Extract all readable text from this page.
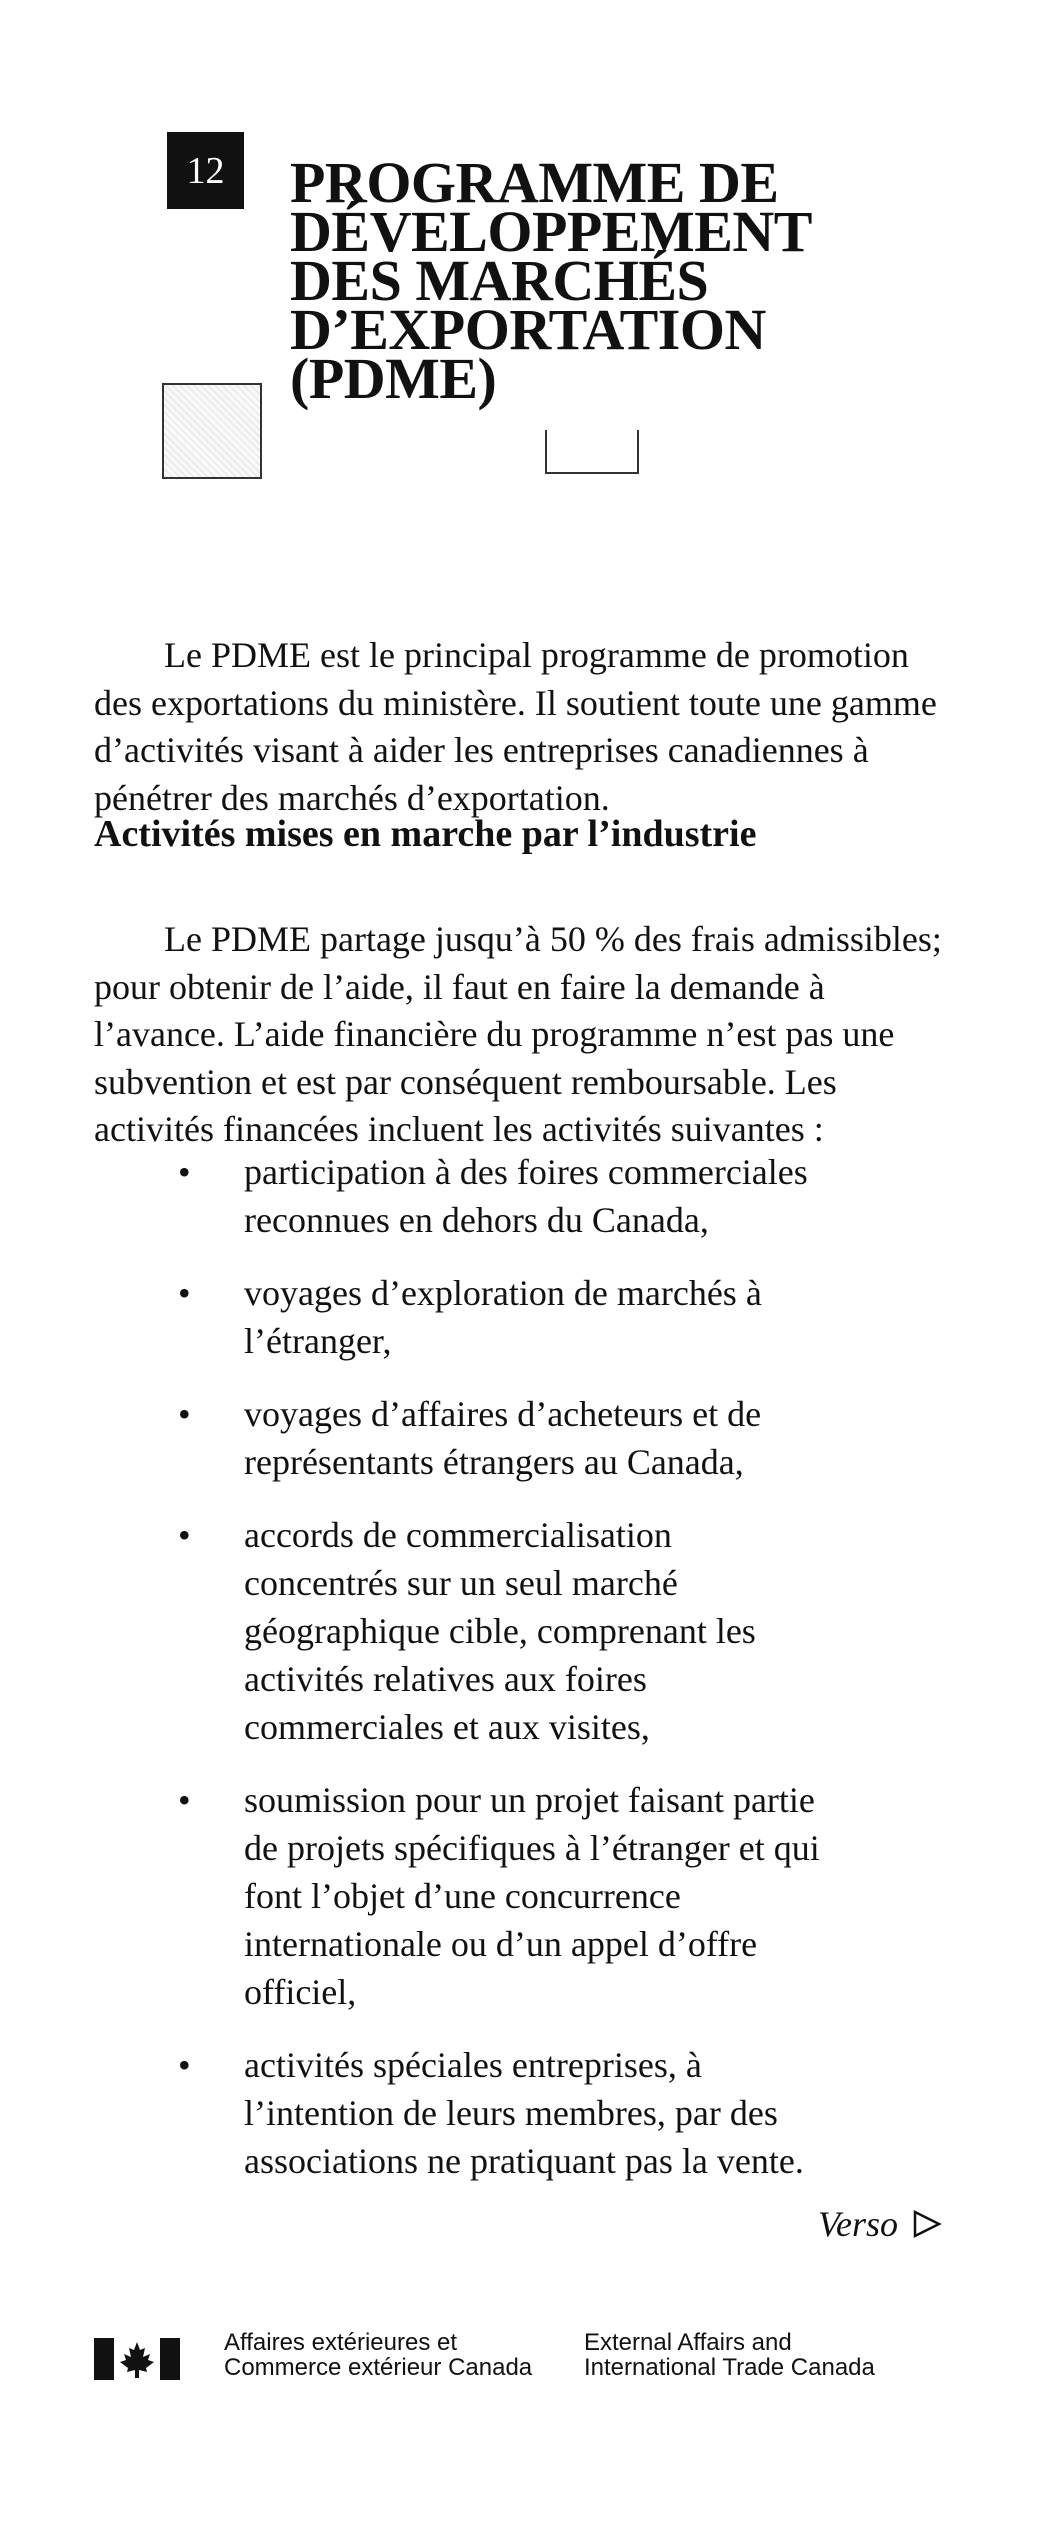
12	PROGRAMME DE
DÉVELOPPEMENT
DES MARCHÉS
D’EXPORTATION
(PDME)

Le PDME est le principal programme de promotion des exportations du ministère. Il soutient toute une gamme d’activités visant à aider les entreprises canadiennes à pénétrer des marchés d’exportation.

Activités mises en marche par l’industrie

Le PDME partage jusqu’à 50 % des frais admissibles; pour obtenir de l’aide, il faut en faire la demande à l’avance. L’aide financière du programme n’est pas une subvention et est par conséquent remboursable. Les activités financées incluent les activités suivantes :

• participation à des foires commerciales reconnues en dehors du Canada,
• voyages d’exploration de marchés à l’étranger,
• voyages d’affaires d’acheteurs et de représentants étrangers au Canada,
• accords de commercialisation concentrés sur un seul marché géographique cible, comprenant les activités relatives aux foires commerciales et aux visites,
• soumission pour un projet faisant partie de projets spécifiques à l’étranger et qui font l’objet d’une concurrence internationale ou d’un appel d’offre officiel,
• activités spéciales entreprises, à l’intention de leurs membres, par des associations ne pratiquant pas la vente.
Verso
Affaires extérieures et
Commerce extérieur Canada
External Affairs and
International Trade Canada
